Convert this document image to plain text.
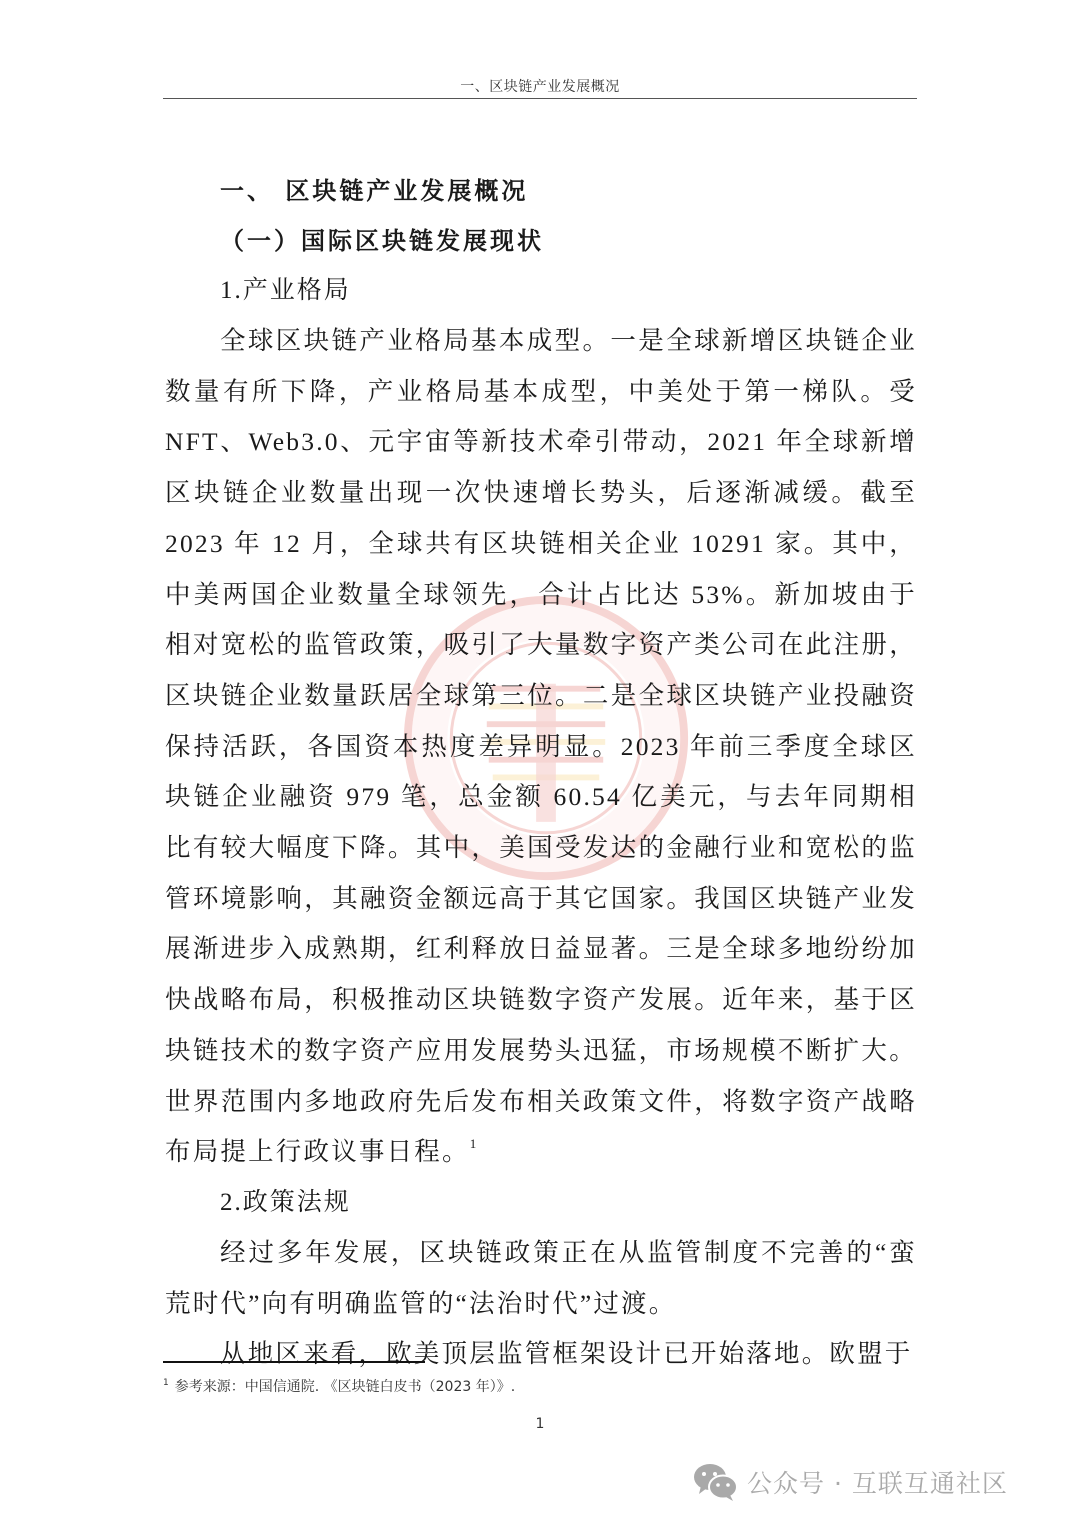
一、区块链产业发展概况
一、 区块链产业发展概况
（一）国际区块链发展现状
1.产业格局

全球区块链产业格局基本成型。一是全球新增区块链企业数量有所下降，产业格局基本成型，中美处于第一梯队。受 NFT、Web3.0、元宇宙等新技术牵引带动，2021 年全球新增区块链企业数量出现一次快速增长势头，后逐渐减缓。截至 2023 年 12 月，全球共有区块链相关企业 10291 家。其中，中美两国企业数量全球领先，合计占比达 53%。新加坡由于相对宽松的监管政策，吸引了大量数字资产类公司在此注册，区块链企业数量跃居全球第三位。二是全球区块链产业投融资保持活跃，各国资本热度差异明显。2023 年前三季度全球区块链企业融资 979 笔，总金额 60.54 亿美元，与去年同期相比有较大幅度下降。其中，美国受发达的金融行业和宽松的监管环境影响，其融资金额远高于其它国家。我国区块链产业发展渐进步入成熟期，红利释放日益显著。三是全球多地纷纷加快战略布局，积极推动区块链数字资产发展。近年来，基于区块链技术的数字资产应用发展势头迅猛，市场规模不断扩大。世界范围内多地政府先后发布相关政策文件，将数字资产战略布局提上行政议事日程。$^1$

2.政策法规

经过多年发展，区块链政策正在从监管制度不完善的“蛮荒时代”向有明确监管的“法治时代”过渡。

从地区来看，欧美顶层监管框架设计已开始落地。欧盟于

$^1$ 参考来源：中国信通院. 《区块链白皮书（2023 年）》.
1
公众号 · 互联互通社区
